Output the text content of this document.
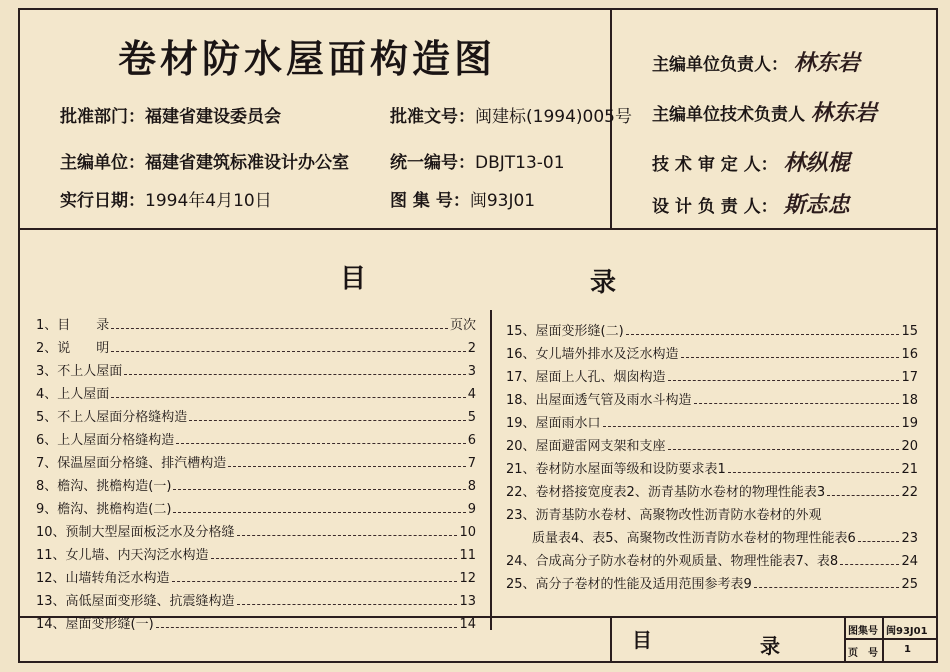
卷材防水屋面构造图
批准部门：福建省建设委员会	批准文号：闽建标(1994)005号
主编单位：福建省建筑标准设计办公室 统一编号：DBJT13-01
实行日期：1994年4月10日	图 集 号：闽93J01
主编单位负责人： 林东岩
主编单位技术负责人 林东岩
技 术 审 定 人： 林纵棍
设 计 负 责 人： 斯志忠
目	录
1、目　　录	页次
2、说　　明	2
3、不上人屋面	3
4、上人屋面	4
5、不上人屋面分格缝构造	5
6、上人屋面分格缝构造	6
7、保温屋面分格缝、排汽槽构造	7
8、檐沟、挑檐构造(一)	8
9、檐沟、挑檐构造(二)	9
10、预制大型屋面板泛水及分格缝	10
11、女儿墙、内天沟泛水构造	11
12、山墙转角泛水构造	12
13、高低屋面变形缝、抗震缝构造	13
14、屋面变形缝(一)	14
15、屋面变形缝(二)	15
16、女儿墙外排水及泛水构造	16
17、屋面上人孔、烟囱构造	17
18、出屋面透气管及雨水斗构造	18
19、屋面雨水口	19
20、屋面避雷网支架和支座	20
21、卷材防水屋面等级和设防要求表1	21
22、卷材搭接宽度表2、沥青基防水卷材的物理性能表3	22
23、沥青基防水卷材、高聚物改性沥青防水卷材的外观
　　质量表4、表5、高聚物改性沥青防水卷材的物理性能表6	23
24、合成高分子防水卷材的外观质量、物理性能表7、表8	24
25、高分子卷材的性能及适用范围参考表9	25
目	录
图集号 闽93J01
页　号	1
